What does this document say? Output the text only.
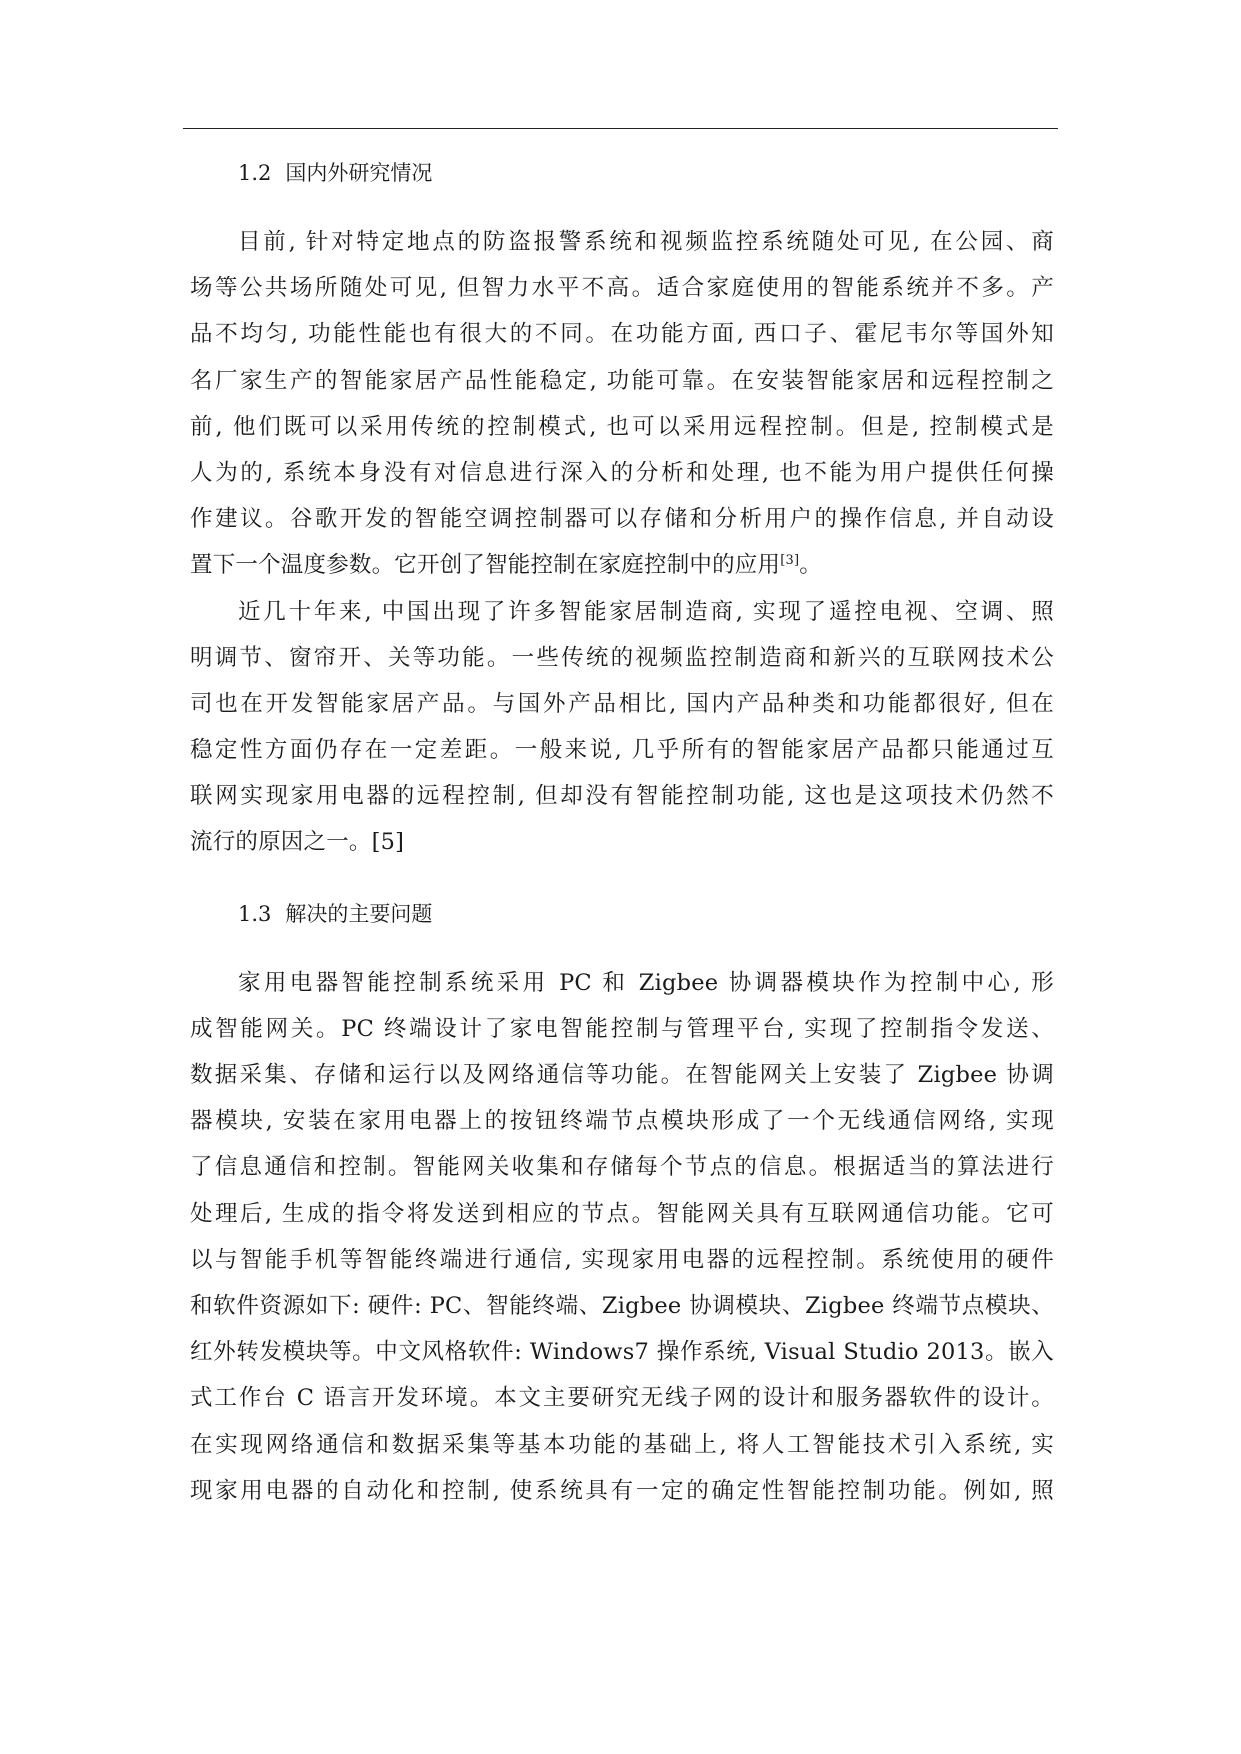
1.2 国内外研究情况
目前, 针对特定地点的防盗报警系统和视频监控系统随处可见, 在公园、商
场等公共场所随处可见, 但智力水平不高。适合家庭使用的智能系统并不多。产
品不均匀, 功能性能也有很大的不同。在功能方面, 西口子、霍尼韦尔等国外知
名厂家生产的智能家居产品性能稳定, 功能可靠。在安装智能家居和远程控制之
前, 他们既可以采用传统的控制模式, 也可以采用远程控制。但是, 控制模式是
人为的, 系统本身没有对信息进行深入的分析和处理, 也不能为用户提供任何操
作建议。谷歌开发的智能空调控制器可以存储和分析用户的操作信息, 并自动设
置下一个温度参数。它开创了智能控制在家庭控制中的应用[3]。
近几十年来, 中国出现了许多智能家居制造商, 实现了遥控电视、空调、照
明调节、窗帘开、关等功能。一些传统的视频监控制造商和新兴的互联网技术公
司也在开发智能家居产品。与国外产品相比, 国内产品种类和功能都很好, 但在
稳定性方面仍存在一定差距。一般来说, 几乎所有的智能家居产品都只能通过互
联网实现家用电器的远程控制, 但却没有智能控制功能, 这也是这项技术仍然不
流行的原因之一。[5]
1.3 解决的主要问题
家用电器智能控制系统采用 PC 和 Zigbee 协调器模块作为控制中心, 形
成智能网关。PC 终端设计了家电智能控制与管理平台, 实现了控制指令发送、
数据采集、存储和运行以及网络通信等功能。在智能网关上安装了 Zigbee 协调
器模块, 安装在家用电器上的按钮终端节点模块形成了一个无线通信网络, 实现
了信息通信和控制。智能网关收集和存储每个节点的信息。根据适当的算法进行
处理后, 生成的指令将发送到相应的节点。智能网关具有互联网通信功能。它可
以与智能手机等智能终端进行通信, 实现家用电器的远程控制。系统使用的硬件
和软件资源如下: 硬件: PC、智能终端、Zigbee 协调模块、Zigbee 终端节点模块、
红外转发模块等。中文风格软件: Windows7 操作系统, Visual Studio 2013。嵌入
式工作台 C 语言开发环境。本文主要研究无线子网的设计和服务器软件的设计。
在实现网络通信和数据采集等基本功能的基础上, 将人工智能技术引入系统, 实
现家用电器的自动化和控制, 使系统具有一定的确定性智能控制功能。例如, 照
